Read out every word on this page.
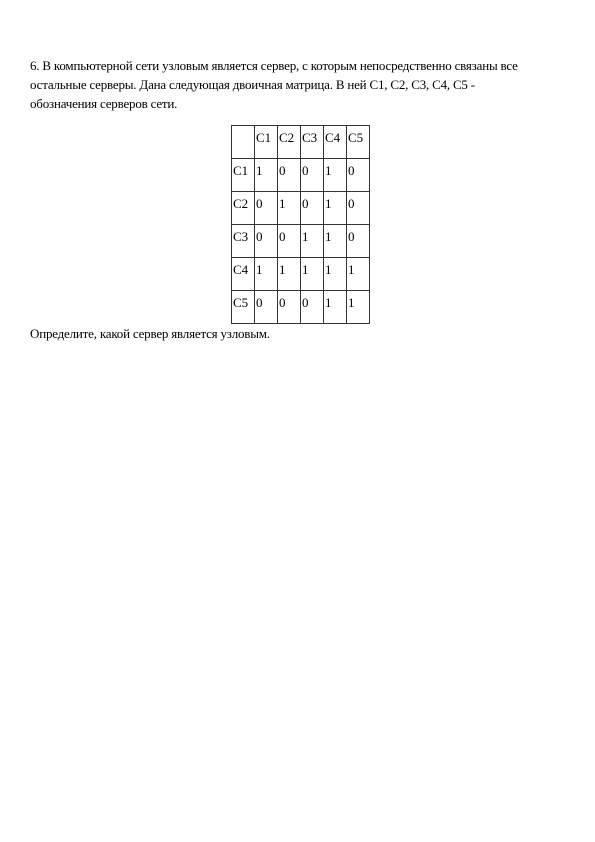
6. В компьютерной сети узловым является сервер, с которым непосредственно связаны все
остальные серверы. Дана следующая двоичная матрица. В ней С1, С2, С3, С4, С5 -
обозначения серверов сети.
	С1	С2	С3	С4	С5
С1	1	0	0	1	0
С2	0	1	0	1	0
С3	0	0	1	1	0
С4	1	1	1	1	1
С5	0	0	0	1	1
Определите, какой сервер является узловым.
